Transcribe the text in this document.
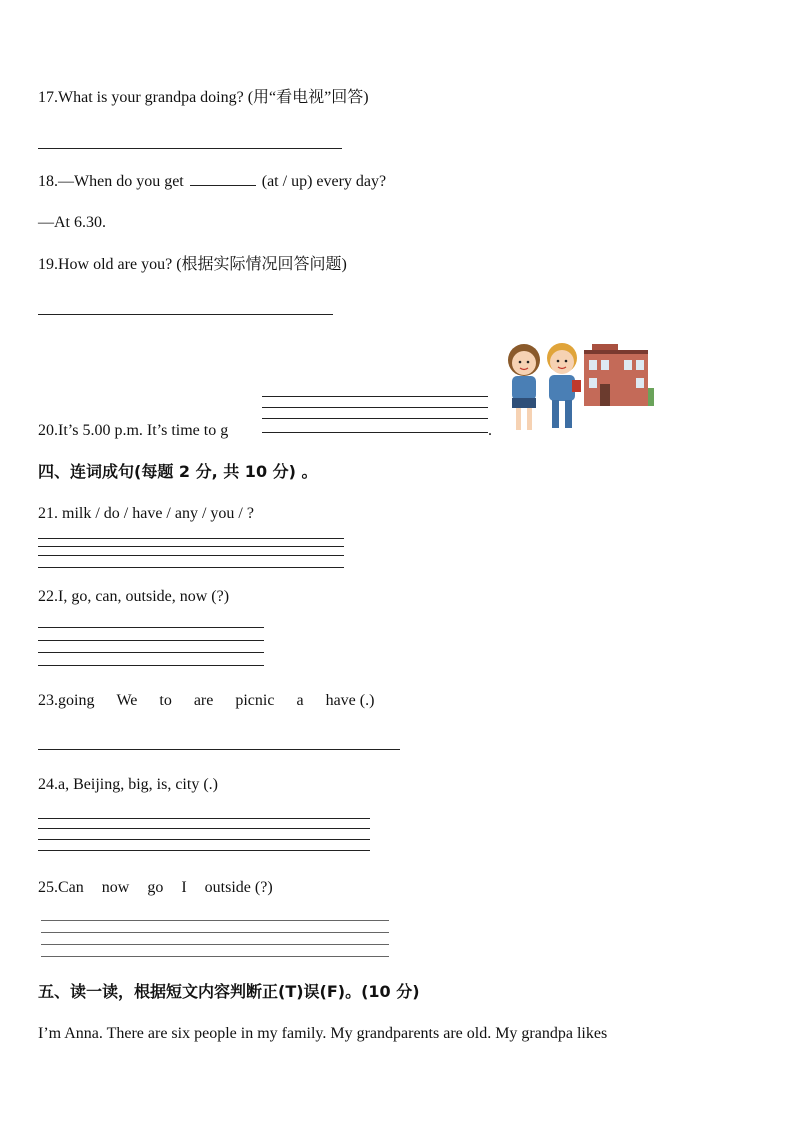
17.What is your grandpa doing? (用“看电视”回答)
18.—When do you get	(at / up) every day?
—At 6.30.
19.How old are you? (根据实际情况回答问题)
20.It’s 5.00 p.m. It’s time to g	.
四、连词成句(每题 2 分, 共 10 分) 。
21. milk / do / have / any / you / ?
22.I, go, can, outside, now (?)
23.going We to are picnic a have (.)
24.a, Beijing, big, is, city (.)
25.Can now go I outside (?)
五、读一读，根据短文内容判断正(T)误(F)。(10 分)
I’m Anna. There are six people in my family. My grandparents are old. My grandpa likes
